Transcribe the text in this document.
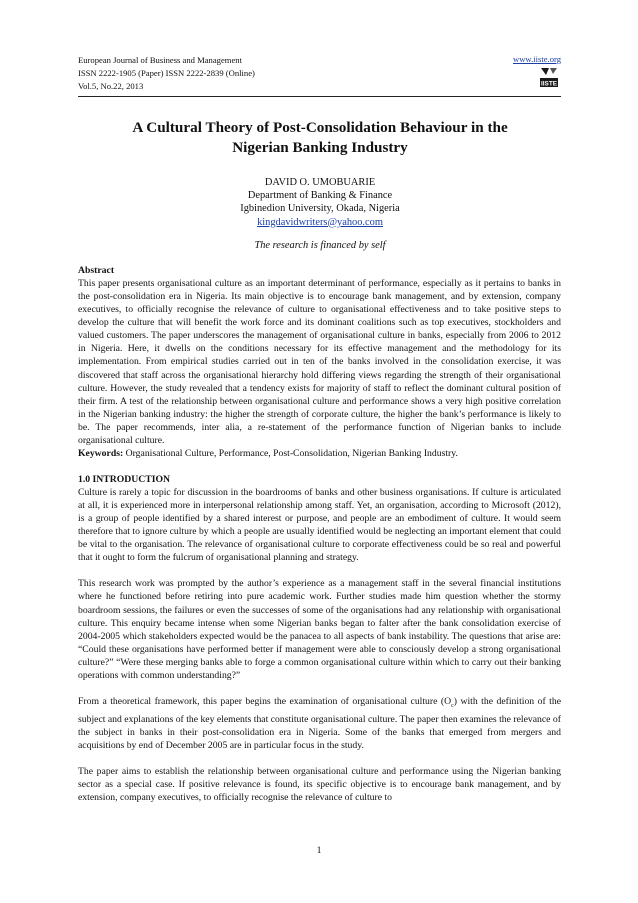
European Journal of Business and Management
ISSN 2222-1905 (Paper) ISSN 2222-2839 (Online)
Vol.5, No.22, 2013
www.iiste.org
IISTE
A Cultural Theory of Post-Consolidation Behaviour in the
Nigerian Banking Industry
DAVID O. UMOBUARIE
Department of Banking & Finance
Igbinedion University, Okada, Nigeria
kingdavidwriters@yahoo.com
The research is financed by self

Abstract

This paper presents organisational culture as an important determinant of performance, especially as it pertains to banks in the post-consolidation era in Nigeria. Its main objective is to encourage bank management, and by extension, company executives, to officially recognise the relevance of culture to organisational effectiveness and to take positive steps to develop the culture that will benefit the work force and its dominant coalitions such as top executives, stockholders and valued customers. The paper underscores the management of organisational culture in banks, especially from 2006 to 2012 in Nigeria. Here, it dwells on the conditions necessary for its effective management and the methodology for its implementation. From empirical studies carried out in ten of the banks involved in the consolidation exercise, it was discovered that staff across the organisational hierarchy hold differing views regarding the strength of their organisational culture. However, the study revealed that a tendency exists for majority of staff to reflect the dominant cultural position of their firm. A test of the relationship between organisational culture and performance shows a very high positive correlation in the Nigerian banking industry: the higher the strength of corporate culture, the higher the bank’s performance is likely to be. The paper recommends, inter alia, a re-statement of the performance function of Nigerian banks to include organisational culture.

Keywords: Organisational Culture, Performance, Post-Consolidation, Nigerian Banking Industry.

1.0 INTRODUCTION

Culture is rarely a topic for discussion in the boardrooms of banks and other business organisations. If culture is articulated at all, it is experienced more in interpersonal relationship among staff. Yet, an organisation, according to Microsoft (2012), is a group of people identified by a shared interest or purpose, and people are an embodiment of culture. It would seem therefore that to ignore culture by which a people are usually identified would be neglecting an important element that could be vital to the organisation. The relevance of organisational culture to corporate effectiveness could be so real and powerful that it ought to form the fulcrum of organisational planning and strategy.

This research work was prompted by the author’s experience as a management staff in the several financial institutions where he functioned before retiring into pure academic work. Further studies made him question whether the stormy boardroom sessions, the failures or even the successes of some of the organisations had any relationship with organisational culture. This enquiry became intense when some Nigerian banks began to falter after the bank consolidation exercise of 2004-2005 which stakeholders expected would be the panacea to all aspects of bank instability. The questions that arise are: “Could these organisations have performed better if management were able to consciously develop a strong organisational culture?” “Were these merging banks able to forge a common organisational culture within which to carry out their banking operations with common understanding?”

From a theoretical framework, this paper begins the examination of organisational culture $(O_c)$ with the definition of the subject and explanations of the key elements that constitute organisational culture. The paper then examines the relevance of the subject in banks in their post-consolidation era in Nigeria. Some of the banks that emerged from mergers and acquisitions by end of December 2005 are in particular focus in the study.

The paper aims to establish the relationship between organisational culture and performance using the Nigerian banking sector as a special case. If positive relevance is found, its specific objective is to encourage bank management, and by extension, company executives, to officially recognise the relevance of culture to

1
